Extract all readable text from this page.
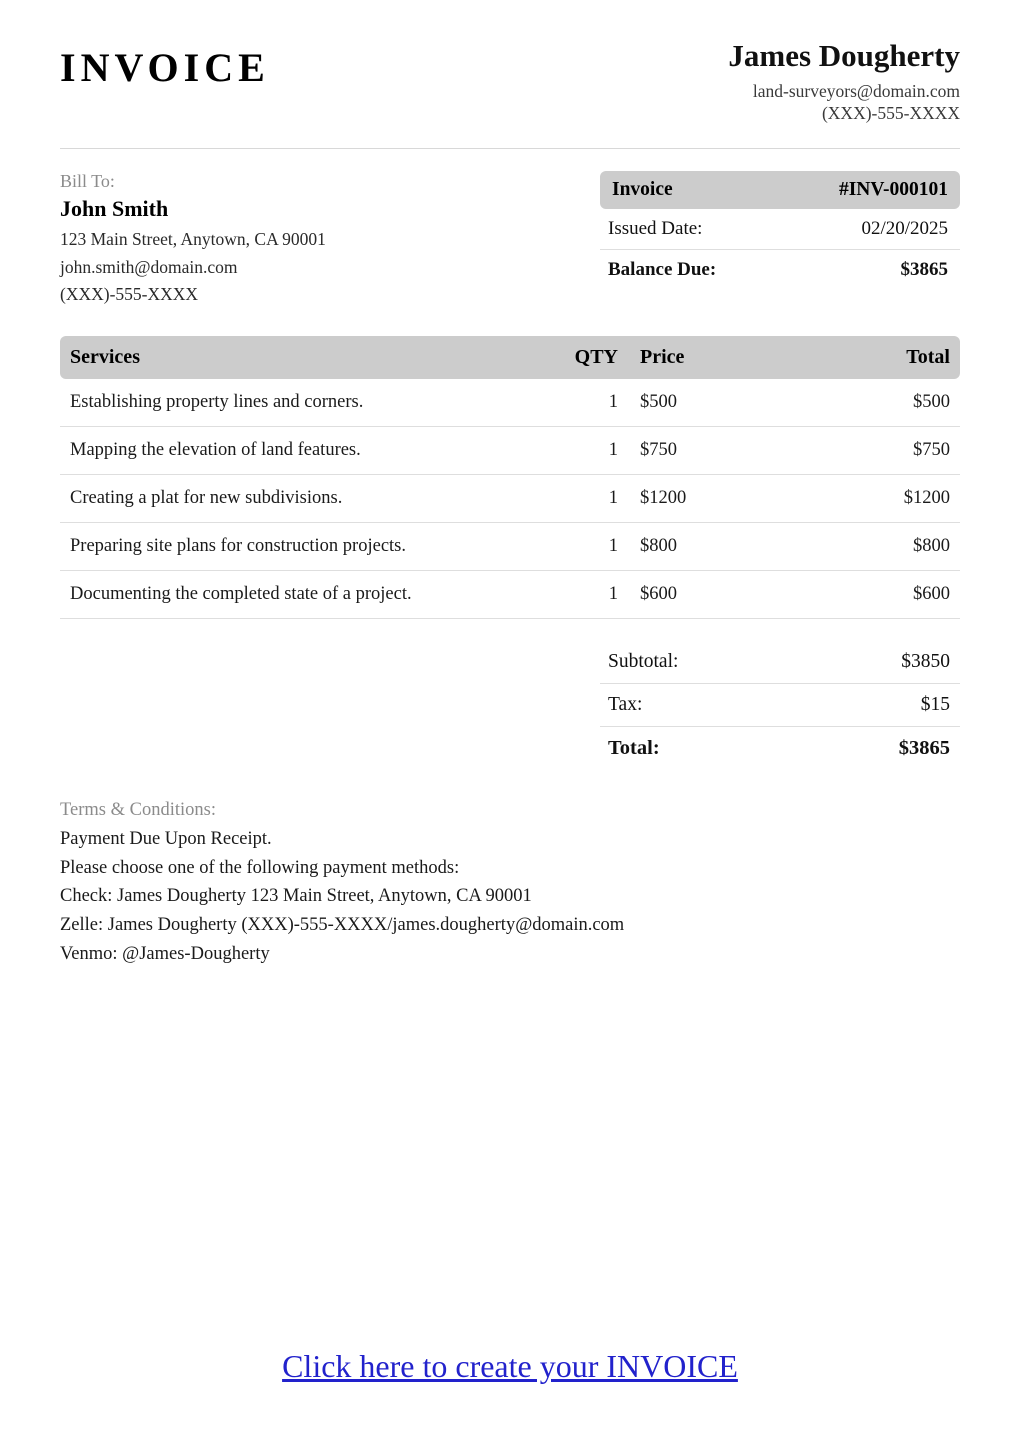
INVOICE	James Dougherty
land-surveyors@domain.com
(XXX)-555-XXXX
Bill To:
John Smith
123 Main Street, Anytown, CA 90001
john.smith@domain.com
(XXX)-555-XXXX
Invoice	#INV-000101
Issued Date:	02/20/2025
Balance Due:	$3865
Services	QTY	Price	Total
Establishing property lines and corners.	1	$500	$500
Mapping the elevation of land features.	1	$750	$750
Creating a plat for new subdivisions.	1	$1200	$1200
Preparing site plans for construction projects.	1	$800	$800
Documenting the completed state of a project.	1	$600	$600
Subtotal:	$3850
Tax:	$15
Total:	$3865
Terms & Conditions:
Payment Due Upon Receipt.
Please choose one of the following payment methods:
Check: James Dougherty 123 Main Street, Anytown, CA 90001
Zelle: James Dougherty (XXX)-555-XXXX/james.dougherty@domain.com
Venmo: @James-Dougherty
Click here to create your INVOICE
